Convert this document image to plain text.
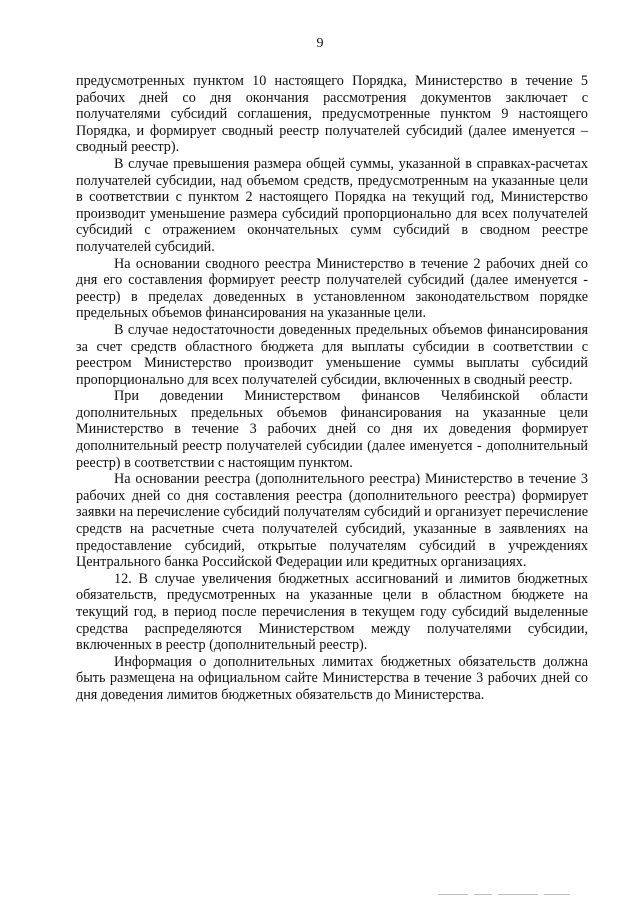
9

предусмотренных пунктом 10 настоящего Порядка, Министерство в течение 5 рабочих дней со дня окончания рассмотрения документов заключает с получателями субсидий соглашения, предусмотренные пунктом 9 настоящего Порядка, и формирует сводный реестр получателей субсидий (далее именуется – сводный реестр).

В случае превышения размера общей суммы, указанной в справках-расчетах получателей субсидии, над объемом средств, предусмотренным на указанные цели в соответствии с пунктом 2 настоящего Порядка на текущий год, Министерство производит уменьшение размера субсидий пропорционально для всех получателей субсидий с отражением окончательных сумм субсидий в сводном реестре получателей субсидий.

На основании сводного реестра Министерство в течение 2 рабочих дней со дня его составления формирует реестр получателей субсидий (далее именуется - реестр) в пределах доведенных в установленном законодательством порядке предельных объемов финансирования на указанные цели.

В случае недостаточности доведенных предельных объемов финансирования за счет средств областного бюджета для выплаты субсидии в соответствии с реестром Министерство производит уменьшение суммы выплаты субсидий пропорционально для всех получателей субсидии, включенных в сводный реестр.

При доведении Министерством финансов Челябинской области дополнительных предельных объемов финансирования на указанные цели Министерство в течение 3 рабочих дней со дня их доведения формирует дополнительный реестр получателей субсидии (далее именуется - дополнительный реестр) в соответствии с настоящим пунктом.

На основании реестра (дополнительного реестра) Министерство в течение 3 рабочих дней со дня составления реестра (дополнительного реестра) формирует заявки на перечисление субсидий получателям субсидий и организует перечисление средств на расчетные счета получателей субсидий, указанные в заявлениях на предоставление субсидий, открытые получателям субсидий в учреждениях Центрального банка Российской Федерации или кредитных организациях.

12. В случае увеличения бюджетных ассигнований и лимитов бюджетных обязательств, предусмотренных на указанные цели в областном бюджете на текущий год, в период после перечисления в текущем году субсидий выделенные средства распределяются Министерством между получателями субсидии, включенных в реестр (дополнительный реестр).

Информация о дополнительных лимитах бюджетных обязательств должна быть размещена на официальном сайте Министерства в течение 3 рабочих дней со дня доведения лимитов бюджетных обязательств до Министерства.
